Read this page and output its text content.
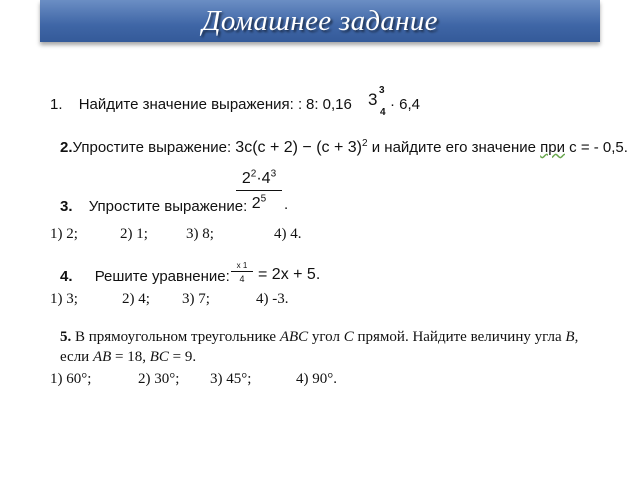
Домашнее задание
1. Найдите значение выражения: : 8: 0,16 3 3
4 · 6,4
2.Упростите выражение: $3c(c + 2) - (c + 3)^2$ и найдите его значение при c = - 0,5.
3. Упростите выражение:
$2^2\cdot 4^3$
$2^5$	.
1) 2;	2) 1;	3) 8;	4) 4.
4. Решите уравнение:
x 1
4 = 2x + 5.
1) 3;	2) 4; 3) 7;	4) -3.
5. В прямоугольном треугольнике ABC угол C прямой. Найдите величину угла B,
если AB = 18, BC = 9.
1) 60°;	2) 30°; 3) 45°;	4) 90°.
